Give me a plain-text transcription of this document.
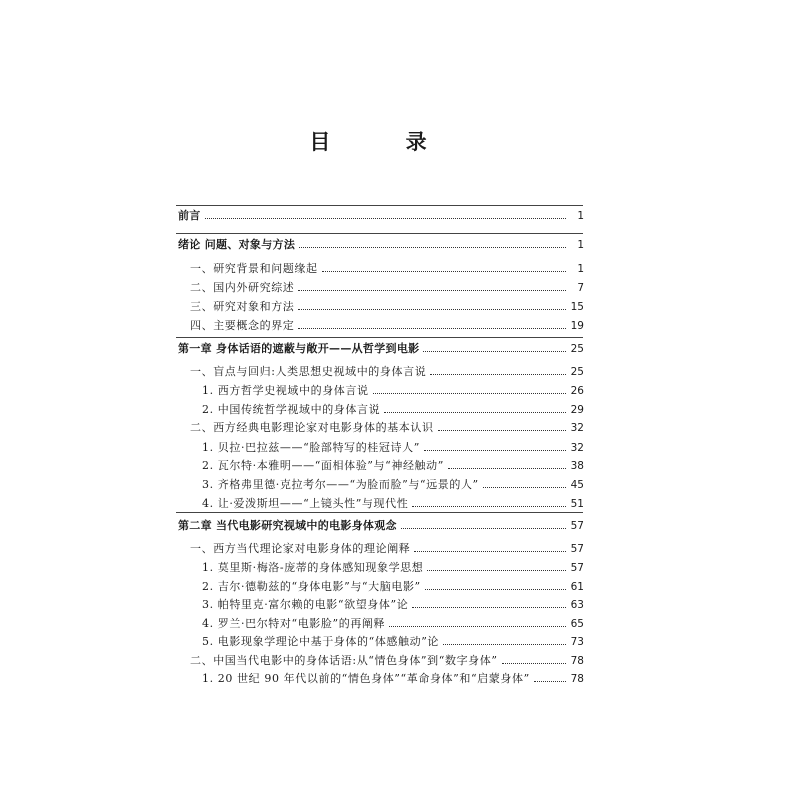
目 录
前言	1
绪论 问题、对象与方法	1
一、研究背景和问题缘起	1
二、国内外研究综述	7
三、研究对象和方法	15
四、主要概念的界定	19
第一章 身体话语的遮蔽与敞开——从哲学到电影	25
一、盲点与回归:人类思想史视域中的身体言说	25
1. 西方哲学史视域中的身体言说	26
2. 中国传统哲学视域中的身体言说	29
二、西方经典电影理论家对电影身体的基本认识	32
1. 贝拉·巴拉兹——“脸部特写的桂冠诗人”	32
2. 瓦尔特·本雅明——“面相体验”与“神经触动”	38
3. 齐格弗里德·克拉考尔——“为脸而脸”与“远景的人”	45
4. 让·爱泼斯坦——“上镜头性”与现代性	51
第二章 当代电影研究视域中的电影身体观念	57
一、西方当代理论家对电影身体的理论阐释	57
1. 莫里斯·梅洛-庞蒂的身体感知现象学思想	57
2. 吉尔·德勒兹的“身体电影”与“大脑电影”	61
3. 帕特里克·富尔赖的电影“欲望身体”论	63
4. 罗兰·巴尔特对“电影脸”的再阐释	65
5. 电影现象学理论中基于身体的“体感触动”论	73
二、中国当代电影中的身体话语:从“情色身体”到“数字身体”	78
1. 20 世纪 90 年代以前的“情色身体”“革命身体”和“启蒙身体”	78
